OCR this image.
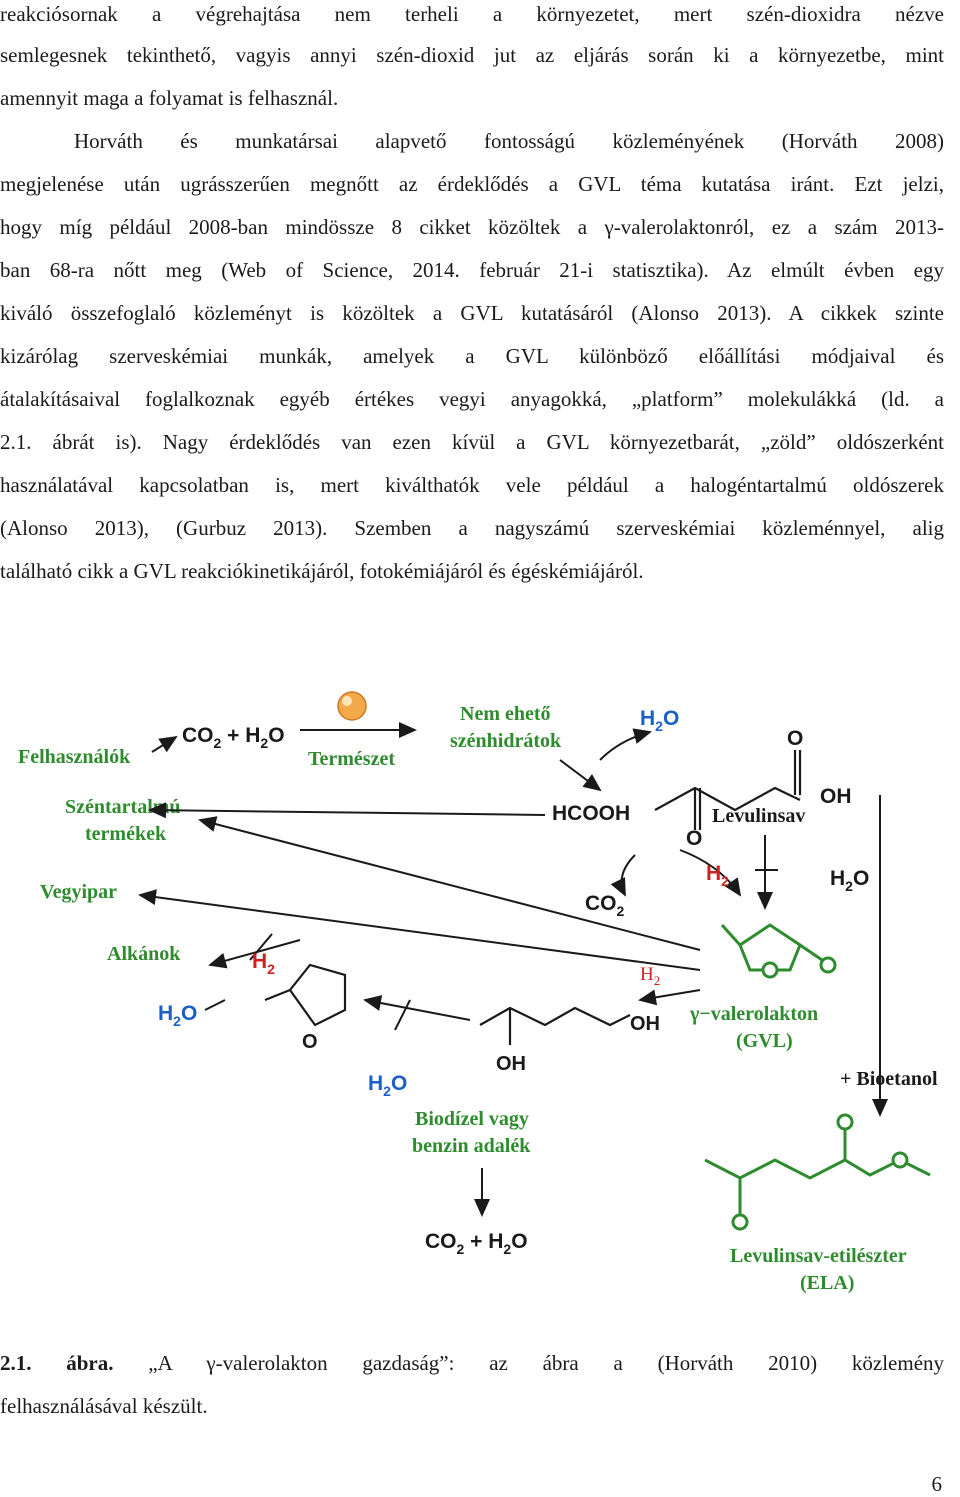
reakciósornak a végrehajtása nem terheli a környezetet, mert szén-dioxidra nézve
semlegesnek tekinthető, vagyis annyi szén-dioxid jut az eljárás során ki a környezetbe, mint
amennyit maga a folyamat is felhasznál.
Horváth és munkatársai alapvető fontosságú közleményének (Horváth 2008)
megjelenése után ugrásszerűen megnőtt az érdeklődés a GVL téma kutatása iránt. Ezt jelzi,
hogy míg például 2008-ban mindössze 8 cikket közöltek a γ-valerolaktonról, ez a szám 2013-
ban 68-ra nőtt meg (Web of Science, 2014. február 21-i statisztika). Az elmúlt évben egy
kiváló összefoglaló közleményt is közöltek a GVL kutatásáról (Alonso 2013). A cikkek szinte
kizárólag szerveskémiai munkák, amelyek a GVL különböző előállítási módjaival és
átalakításaival foglalkoznak egyéb értékes vegyi anyagokká, „platform” molekulákká (ld. a
2.1. ábrát is). Nagy érdeklődés van ezen kívül a GVL környezetbarát, „zöld” oldószerként
használatával kapcsolatban is, mert kiválthatók vele például a halogéntartalmú oldószerek
(Alonso 2013), (Gurbuz 2013). Szemben a nagyszámú szerveskémiai közleménnyel, alig
található cikk a GVL reakciókinetikájáról, fotokémiájáról és égéskémiájáról.
Felhasználók
Széntartalmú
termékek
Vegyipar
Alkánok
$CO_2 + H_2O$
Természet
Nem ehető
szénhidrátok
$H_2O$
HCOOH
$CO_2$
O
OH
O
Levulinsav
$H_2$	$H_2O$
γ−valerolakton
(GVL)
$H_2$
$H_2$
$H_2O$
O
OH
OH
$H_2O$
Biodízel vagy
benzin adalék
$CO_2 + H_2O$
+ Bioetanol
Levulinsav-etilészter
(ELA)
2.1. ábra. „A γ-valerolakton gazdaság”: az ábra a (Horváth 2010) közlemény
felhasználásával készült.
6
